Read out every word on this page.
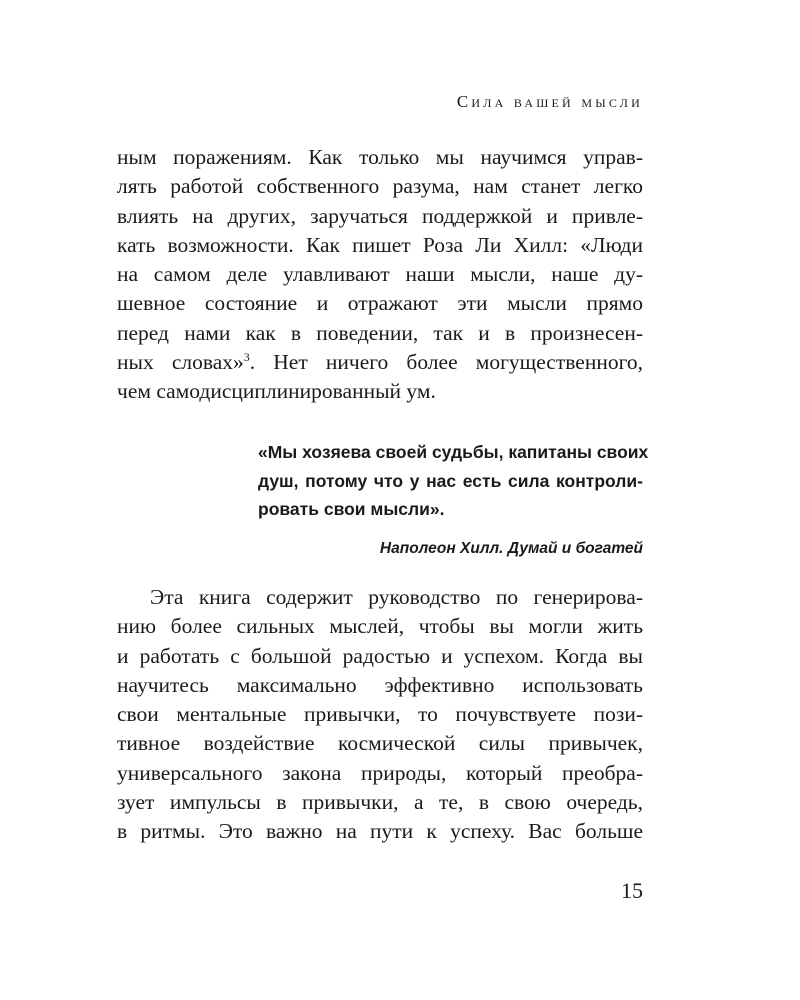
Сила вашей мысли
ным поражениям. Как только мы научимся управ-
лять работой собственного разума, нам станет легко
влиять на других, заручаться поддержкой и привле-
кать возможности. Как пишет Роза Ли Хилл: «Люди
на самом деле улавливают наши мысли, наше ду-
шевное состояние и отражают эти мысли прямо
перед нами как в поведении, так и в произнесен-
ных словах»$^3$. Нет ничего более могущественного,
чем самодисциплинированный ум.
«Мы хозяева своей судьбы, капитаны своих
душ, потому что у нас есть сила контроли-
ровать свои мысли».
Наполеон Хилл. Думай и богатей
Эта книга содержит руководство по генерирова-
нию более сильных мыслей, чтобы вы могли жить
и работать с большой радостью и успехом. Когда вы
научитесь максимально эффективно использовать
свои ментальные привычки, то почувствуете пози-
тивное воздействие космической силы привычек,
универсального закона природы, который преобра-
зует импульсы в привычки, а те, в свою очередь,
в ритмы. Это важно на пути к успеху. Вас больше
15
